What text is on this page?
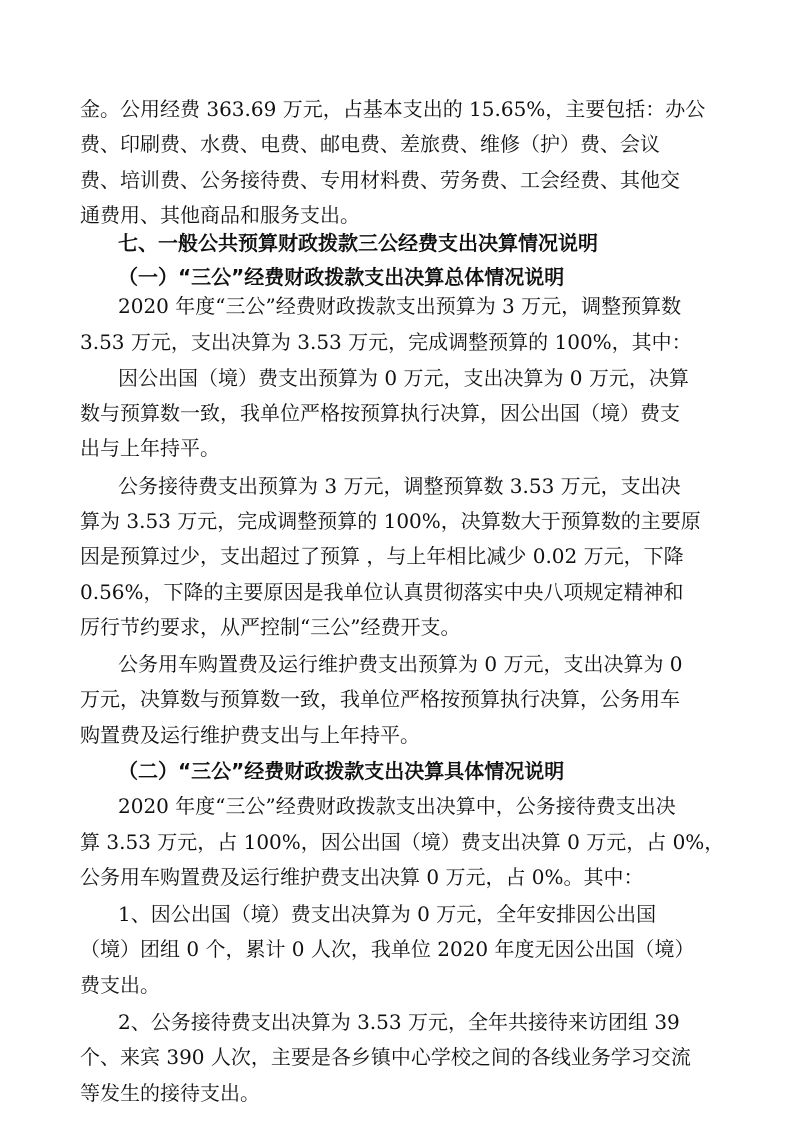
金。公用经费 363.69 万元，占基本支出的 15.65%，主要包括：办公
费、印刷费、水费、电费、邮电费、差旅费、维修（护）费、会议
费、培训费、公务接待费、专用材料费、劳务费、工会经费、其他交
通费用、其他商品和服务支出。
七、一般公共预算财政拨款三公经费支出决算情况说明
（一）“三公”经费财政拨款支出决算总体情况说明
2020 年度“三公”经费财政拨款支出预算为 3 万元，调整预算数
3.53 万元，支出决算为 3.53 万元，完成调整预算的 100%，其中：
因公出国（境）费支出预算为 0 万元，支出决算为 0 万元，决算
数与预算数一致，我单位严格按预算执行决算，因公出国（境）费支
出与上年持平。
公务接待费支出预算为 3 万元，调整预算数 3.53 万元，支出决
算为 3.53 万元，完成调整预算的 100%，决算数大于预算数的主要原
因是预算过少，支出超过了预算 ，与上年相比减少 0.02 万元，下降
0.56%，下降的主要原因是我单位认真贯彻落实中央八项规定精神和
厉行节约要求，从严控制“三公”经费开支。
公务用车购置费及运行维护费支出预算为 0 万元，支出决算为 0
万元，决算数与预算数一致，我单位严格按预算执行决算，公务用车
购置费及运行维护费支出与上年持平。
（二）“三公”经费财政拨款支出决算具体情况说明
2020 年度“三公”经费财政拨款支出决算中，公务接待费支出决
算 3.53 万元，占 100%，因公出国（境）费支出决算 0 万元，占 0%，
公务用车购置费及运行维护费支出决算 0 万元，占 0%。其中：
1、因公出国（境）费支出决算为 0 万元，全年安排因公出国
（境）团组 0 个，累计 0 人次，我单位 2020 年度无因公出国（境）
费支出。
2、公务接待费支出决算为 3.53 万元，全年共接待来访团组 39
个、来宾 390 人次，主要是各乡镇中心学校之间的各线业务学习交流
等发生的接待支出。
